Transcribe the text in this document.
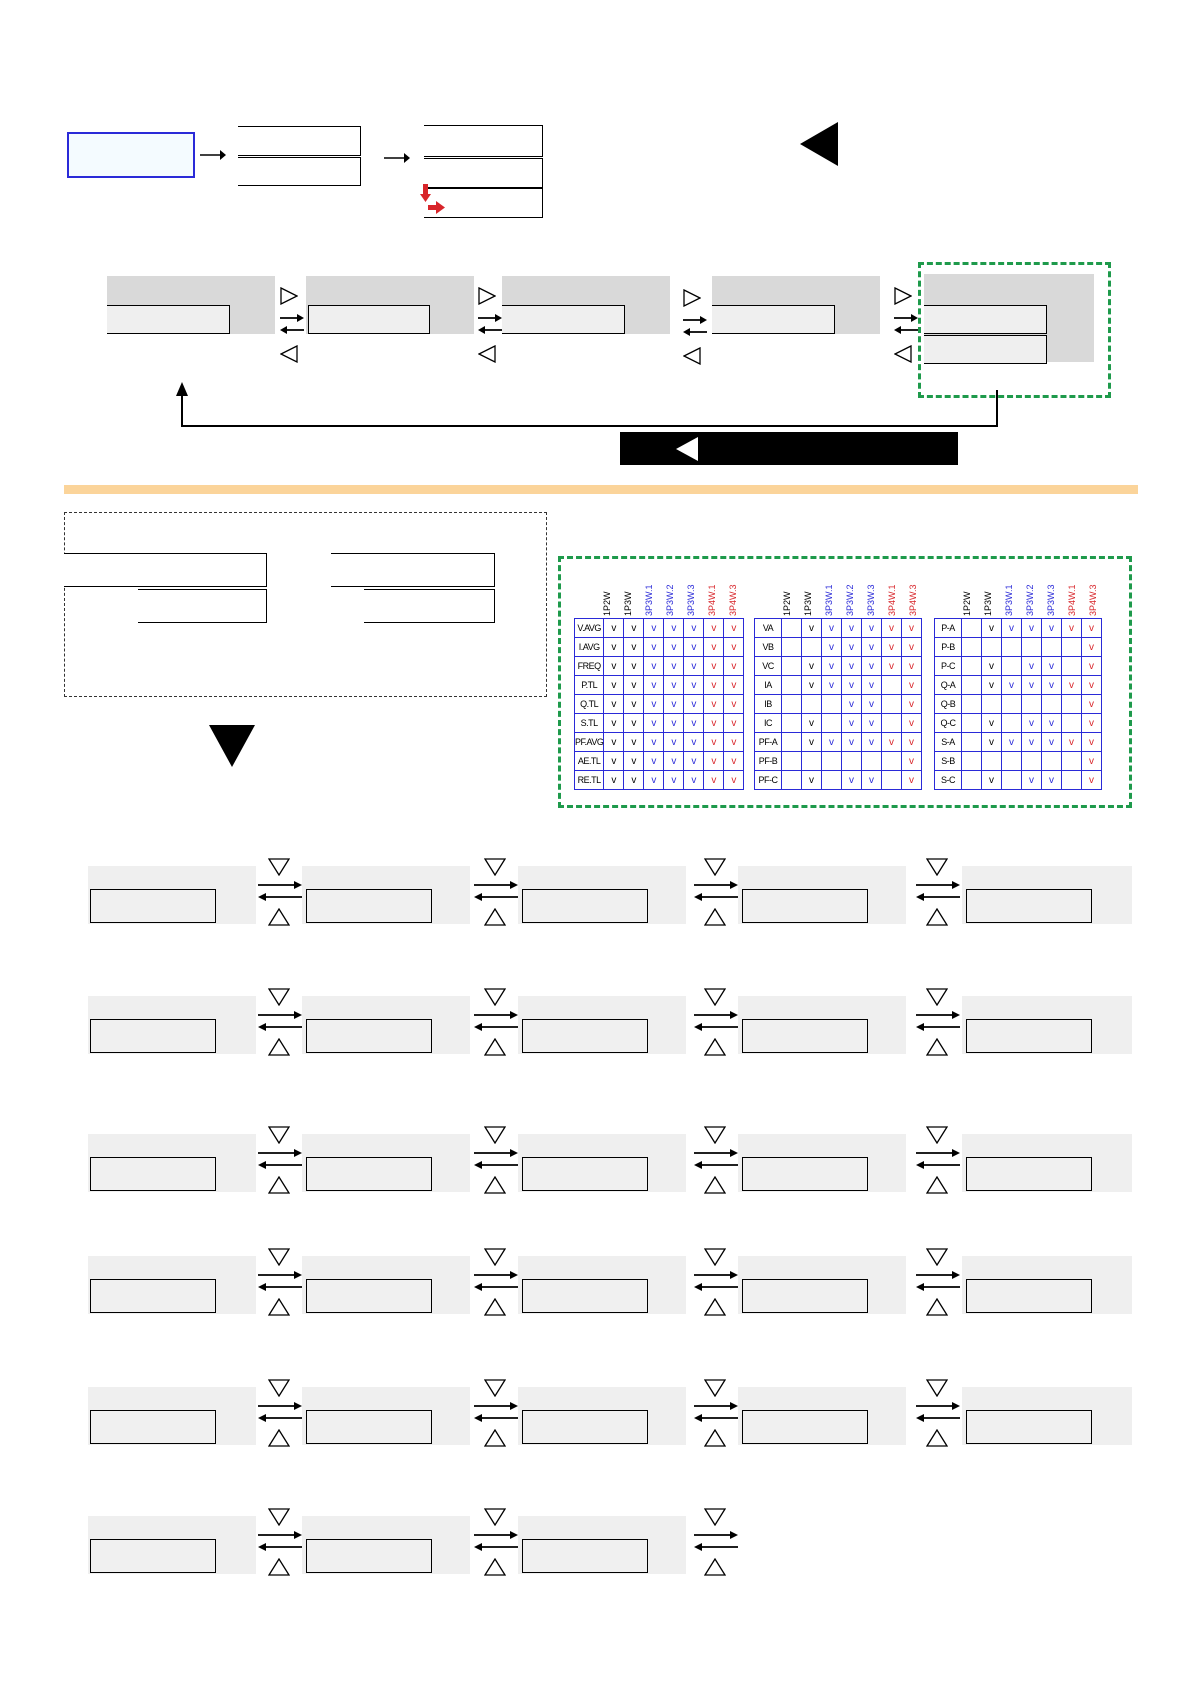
1P2W 1P3W 3P3W.1 3P3W.2 3P3W.3 3P4W.1 3P4W.3
V.AVG	v	v	v	v	v	v	v
I.AVG	v	v	v	v	v	v	v
FREQ	v	v	v	v	v	v	v
P.TL	v	v	v	v	v	v	v
Q.TL	v	v	v	v	v	v	v
S.TL	v	v	v	v	v	v	v
PF.AVG	v	v	v	v	v	v	v
AE.TL	v	v	v	v	v	v	v
RE.TL	v	v	v	v	v	v	v
1P2W 1P3W 3P3W.1 3P3W.2 3P3W.3 3P4W.1 3P4W.3
VA		v	v	v	v	v	v
VB			v	v	v	v	v
VC		v	v	v	v	v	v
IA		v	v	v	v		v
IB				v	v		v
IC		v		v	v		v
PF-A		v	v	v	v	v	v
PF-B							v
PF-C		v		v	v		v
1P2W 1P3W 3P3W.1 3P3W.2 3P3W.3 3P4W.1 3P4W.3
P-A		v	v	v	v	v	v
P-B							v
P-C		v		v	v		v
Q-A		v	v	v	v	v	v
Q-B							v
Q-C		v		v	v		v
S-A		v	v	v	v	v	v
S-B							v
S-C		v		v	v		v
